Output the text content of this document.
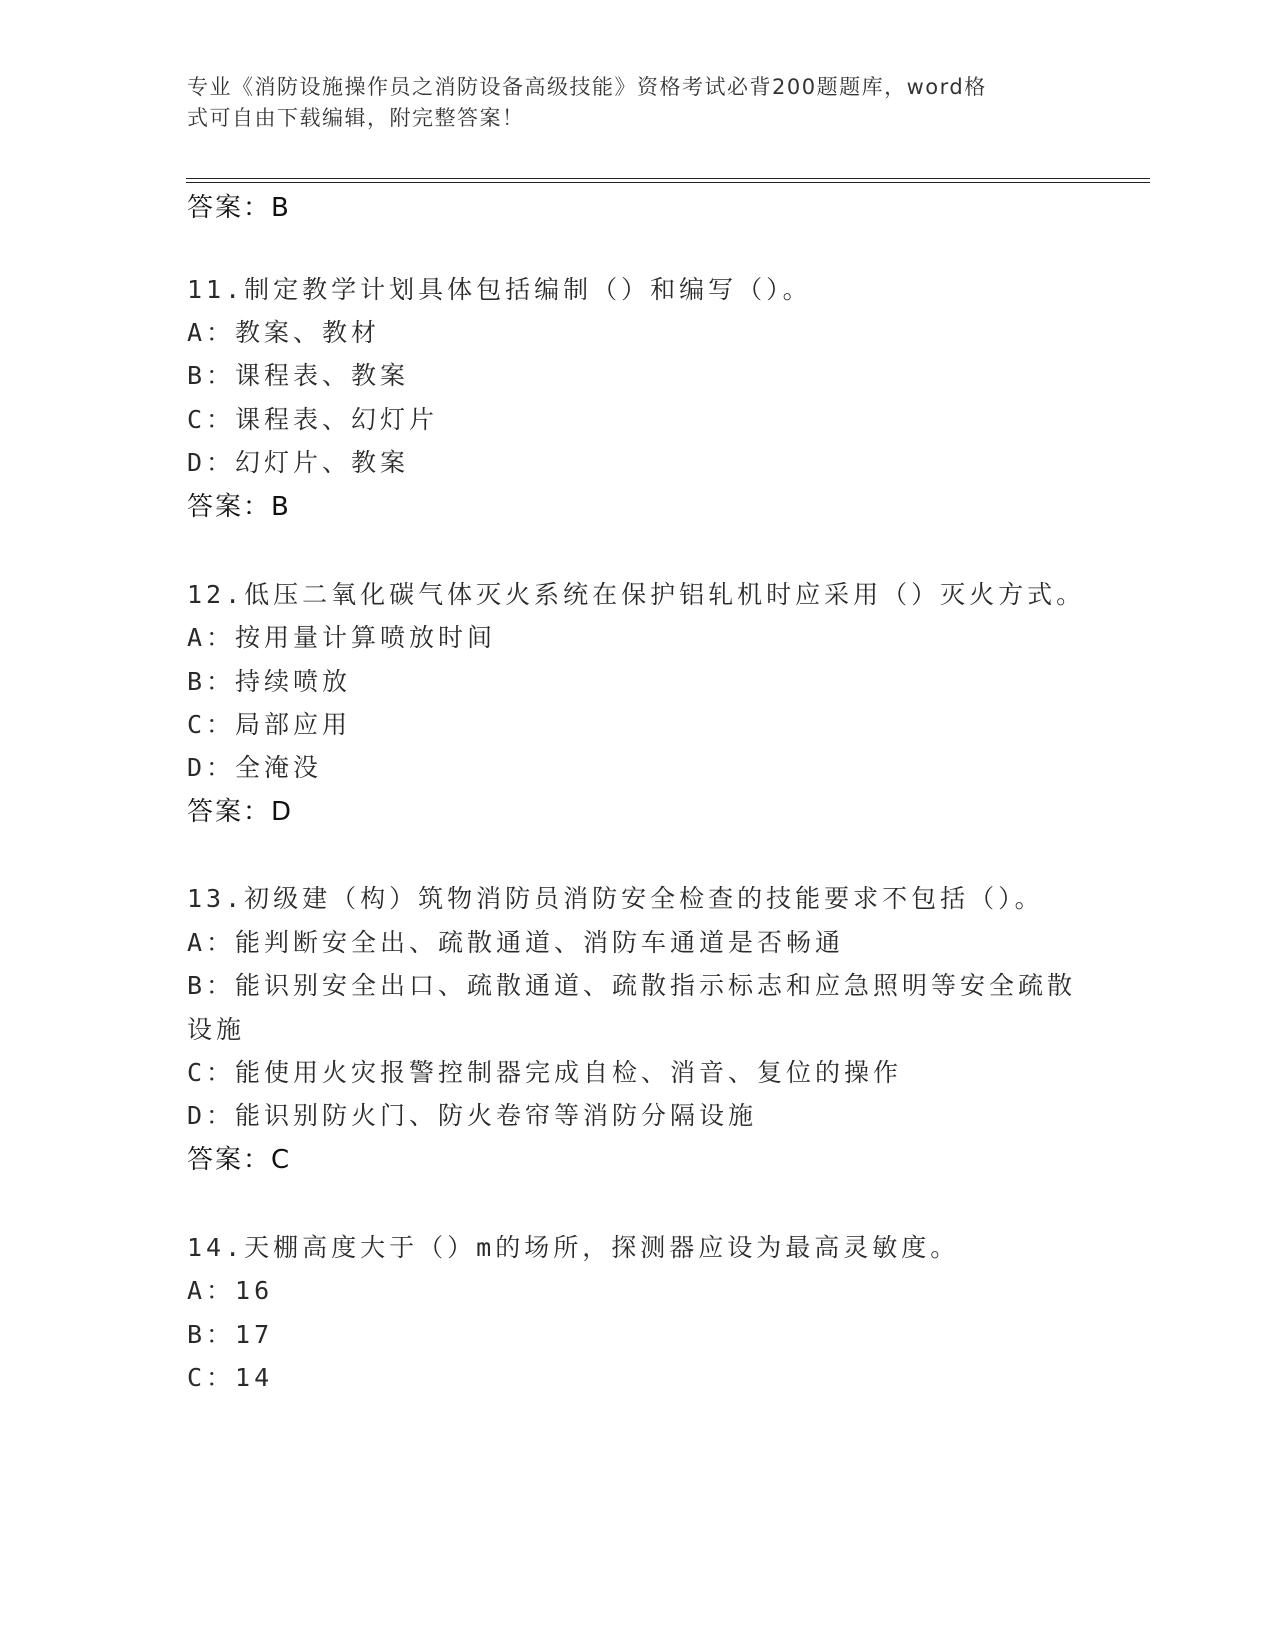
专业《消防设施操作员之消防设备高级技能》资格考试必背200题题库，word格
式可自由下载编辑，附完整答案！
答案：B
11.制定教学计划具体包括编制（）和编写（）。
A：教案、教材
B：课程表、教案
C：课程表、幻灯片
D：幻灯片、教案
答案：B
12.低压二氧化碳气体灭火系统在保护铝轧机时应采用（）灭火方式。
A：按用量计算喷放时间
B：持续喷放
C：局部应用
D：全淹没
答案：D
13.初级建（构）筑物消防员消防安全检查的技能要求不包括（）。
A：能判断安全出、疏散通道、消防车通道是否畅通
B：能识别安全出口、疏散通道、疏散指示标志和应急照明等安全疏散
设施
C：能使用火灾报警控制器完成自检、消音、复位的操作
D：能识别防火门、防火卷帘等消防分隔设施
答案：C
14.天棚高度大于（）m的场所，探测器应设为最高灵敏度。
A：16
B：17
C：14
